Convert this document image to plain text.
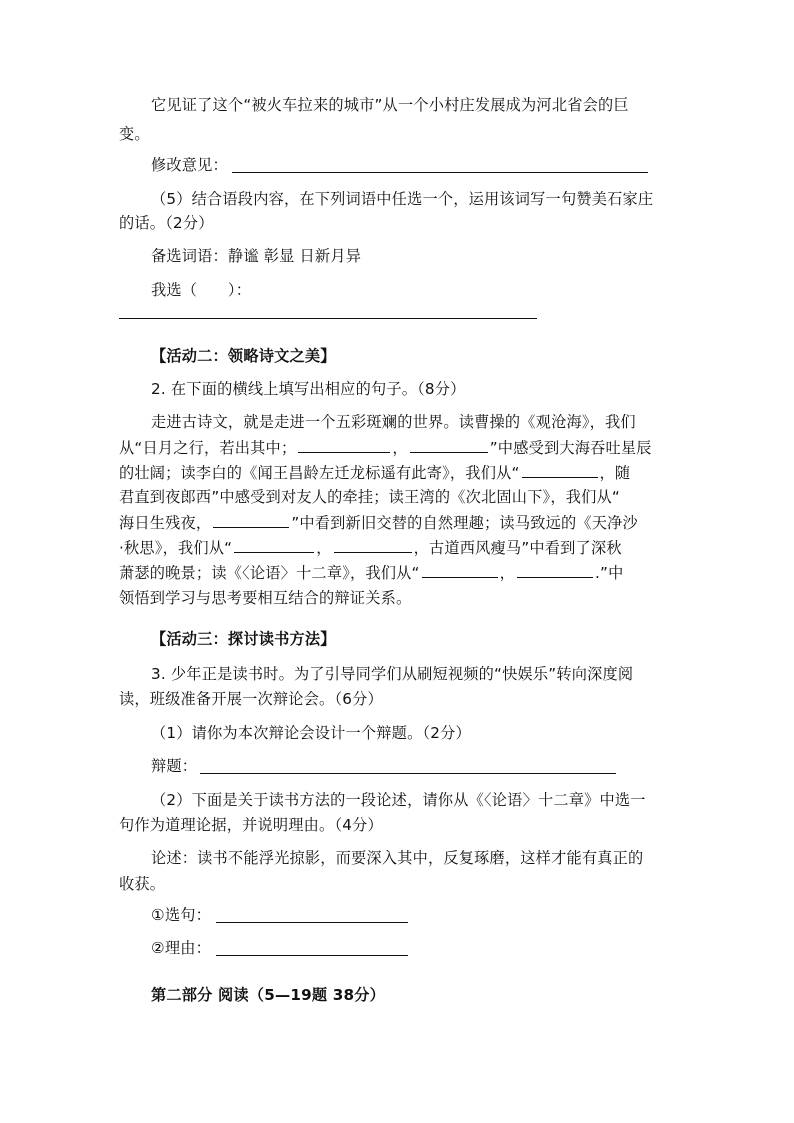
它见证了这个“被火车拉来的城市”从一个小村庄发展成为河北省会的巨
变。
修改意见：
（5）结合语段内容，在下列词语中任选一个，运用该词写一句赞美石家庄
的话。（2分）
备选词语：静谧 彰显 日新月异
我选（　　）：
【活动二：领略诗文之美】
2. 在下面的横线上填写出相应的句子。（8分）
走进古诗文，就是走进一个五彩斑斓的世界。读曹操的《观沧海》，我们
从“日月之行，若出其中；	，	”中感受到大海吞吐星辰
的壮阔；读李白的《闻王昌龄左迁龙标遥有此寄》，我们从“	，随
君直到夜郎西”中感受到对友人的牵挂；读王湾的《次北固山下》，我们从“
海日生残夜，	”中看到新旧交替的自然理趣；读马致远的《天净沙
·秋思》，我们从“	，	，古道西风瘦马”中看到了深秋
萧瑟的晚景；读《〈论语〉十二章》，我们从“	，	.”中
领悟到学习与思考要相互结合的辩证关系。
【活动三：探讨读书方法】
3. 少年正是读书时。为了引导同学们从刷短视频的“快娱乐”转向深度阅
读，班级准备开展一次辩论会。（6分）
（1）请你为本次辩论会设计一个辩题。（2分）
辩题：
（2）下面是关于读书方法的一段论述，请你从《〈论语〉十二章》中选一
句作为道理论据，并说明理由。（4分）
论述：读书不能浮光掠影，而要深入其中，反复琢磨，这样才能有真正的
收获。
①选句：
②理由：
第二部分 阅读（5—19题 38分）
